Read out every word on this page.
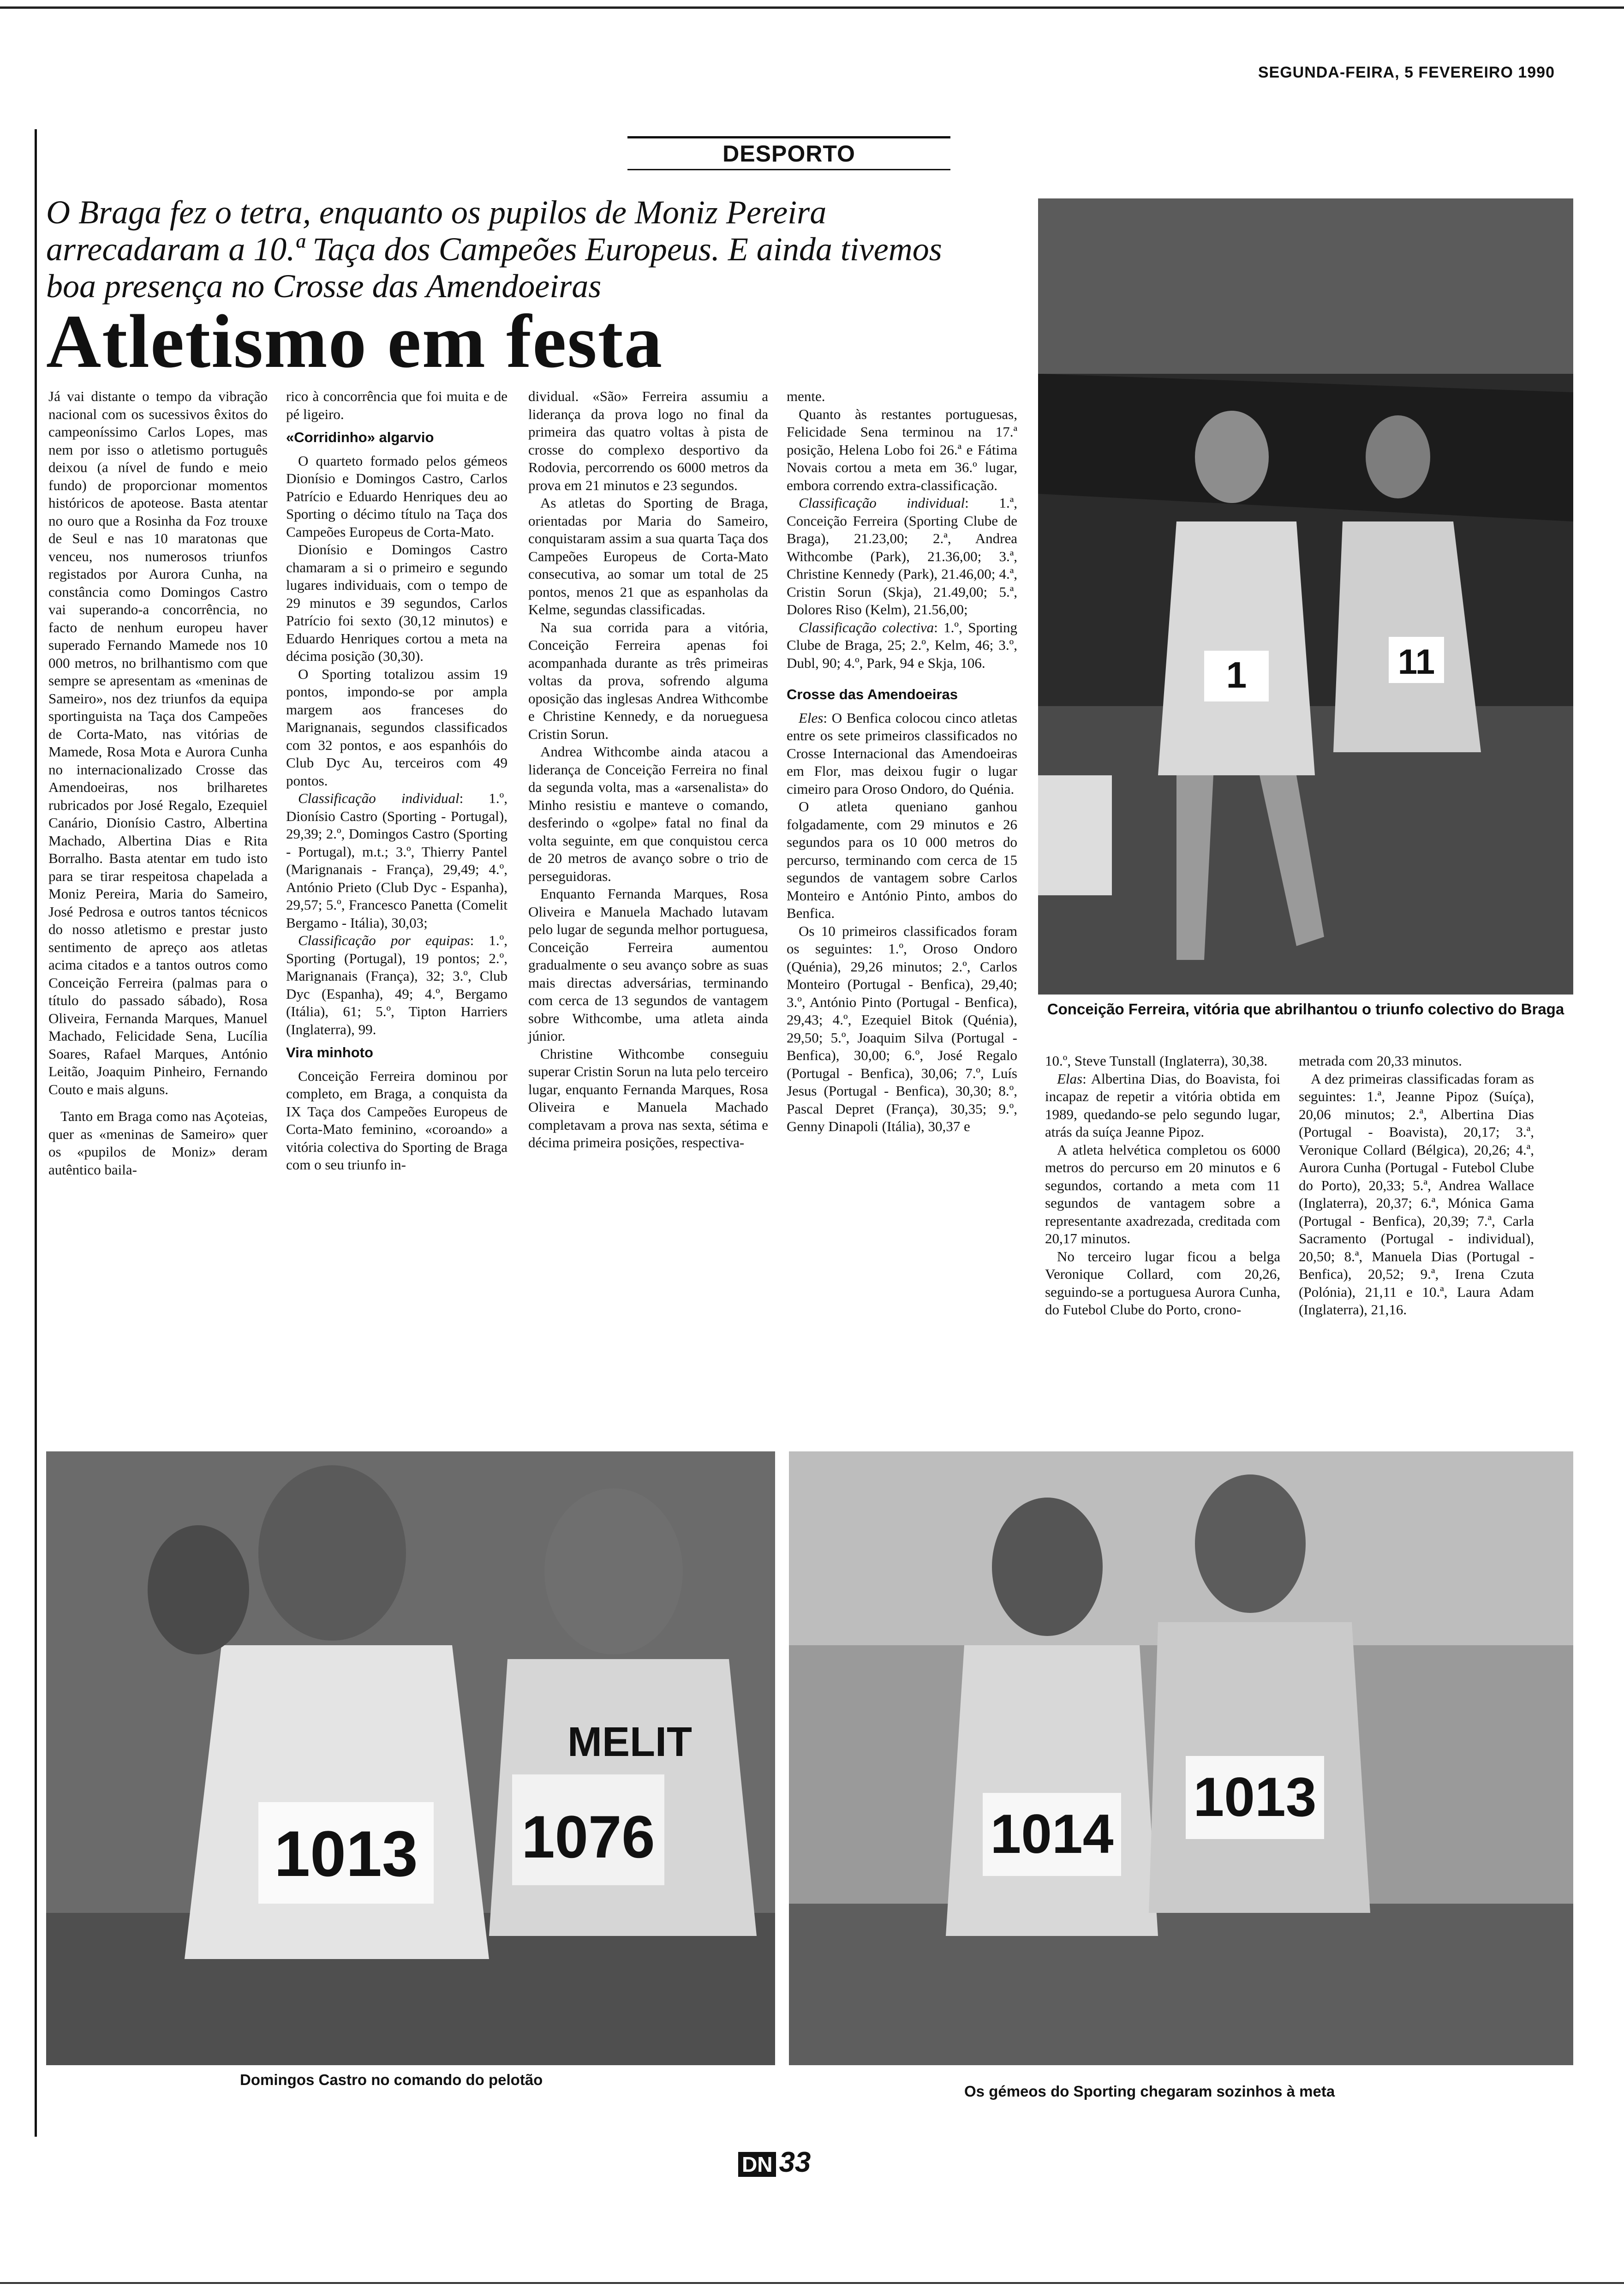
SEGUNDA-FEIRA, 5 FEVEREIRO 1990
DESPORTO
O Braga fez o tetra, enquanto os pupilos de Moniz Pereira arrecadaram a 10.ª Taça dos Campeões Europeus. E ainda tivemos boa presença no Crosse das Amendoeiras
Atletismo em festa

Já vai distante o tempo da vibração nacional com os sucessivos êxitos do campeoníssimo Carlos Lopes, mas nem por isso o atletismo português deixou (a nível de fundo e meio fundo) de proporcionar momentos históricos de apoteose. Basta atentar no ouro que a Rosinha da Foz trouxe de Seul e nas 10 maratonas que venceu, nos numerosos triunfos registados por Aurora Cunha, na constância como Domingos Castro vai superando-a concorrência, no facto de nenhum europeu haver superado Fernando Mamede nos 10 000 metros, no brilhantismo com que sempre se apresentam as «meninas de Sameiro», nos dez triunfos da equipa sportinguista na Taça dos Campeões de Corta-Mato, nas vitórias de Mamede, Rosa Mota e Aurora Cunha no internacionalizado Crosse das Amendoeiras, nos brilharetes rubricados por José Regalo, Ezequiel Canário, Dionísio Castro, Albertina Machado, Albertina Dias e Rita Borralho. Basta atentar em tudo isto para se tirar respeitosa chapelada a Moniz Pereira, Maria do Sameiro, José Pedrosa e outros tantos técnicos do nosso atletismo e prestar justo sentimento de apreço aos atletas acima citados e a tantos outros como Conceição Ferreira (palmas para o título do passado sábado), Rosa Oliveira, Fernanda Marques, Manuel Machado, Felicidade Sena, Lucília Soares, Rafael Marques, António Leitão, Joaquim Pinheiro, Fernando Couto e mais alguns.

Tanto em Braga como nas Açoteias, quer as «meninas de Sameiro» quer os «pupilos de Moniz» deram autêntico baila-

rico à concorrência que foi muita e de pé ligeiro.

«Corridinho» algarvio

O quarteto formado pelos gémeos Dionísio e Domingos Castro, Carlos Patrício e Eduardo Henriques deu ao Sporting o décimo título na Taça dos Campeões Europeus de Corta-Mato.

Dionísio e Domingos Castro chamaram a si o primeiro e segundo lugares individuais, com o tempo de 29 minutos e 39 segundos, Carlos Patrício foi sexto (30,12 minutos) e Eduardo Henriques cortou a meta na décima posição (30,30).

O Sporting totalizou assim 19 pontos, impondo-se por ampla margem aos franceses do Marignanais, segundos classificados com 32 pontos, e aos espanhóis do Club Dyc Au, terceiros com 49 pontos.

Classificação individual: 1.º, Dionísio Castro (Sporting - Portugal), 29,39; 2.º, Domingos Castro (Sporting - Portugal), m.t.; 3.º, Thierry Pantel (Marignanais - França), 29,49; 4.º, António Prieto (Club Dyc - Espanha), 29,57; 5.º, Francesco Panetta (Comelit Bergamo - Itália), 30,03;

Classificação por equipas: 1.º, Sporting (Portugal), 19 pontos; 2.º, Marignanais (França), 32; 3.º, Club Dyc (Espanha), 49; 4.º, Bergamo (Itália), 61; 5.º, Tipton Harriers (Inglaterra), 99.

Vira minhoto

Conceição Ferreira dominou por completo, em Braga, a conquista da IX Taça dos Campeões Europeus de Corta-Mato feminino, «coroando» a vitória colectiva do Sporting de Braga com o seu triunfo in-

dividual. «São» Ferreira assumiu a liderança da prova logo no final da primeira das quatro voltas à pista de crosse do complexo desportivo da Rodovia, percorrendo os 6000 metros da prova em 21 minutos e 23 segundos.

As atletas do Sporting de Braga, orientadas por Maria do Sameiro, conquistaram assim a sua quarta Taça dos Campeões Europeus de Corta-Mato consecutiva, ao somar um total de 25 pontos, menos 21 que as espanholas da Kelme, segundas classificadas.

Na sua corrida para a vitória, Conceição Ferreira apenas foi acompanhada durante as três primeiras voltas da prova, sofrendo alguma oposição das inglesas Andrea Withcombe e Christine Kennedy, e da norueguesa Cristin Sorun.

Andrea Withcombe ainda atacou a liderança de Conceição Ferreira no final da segunda volta, mas a «arsenalista» do Minho resistiu e manteve o comando, desferindo o «golpe» fatal no final da volta seguinte, em que conquistou cerca de 20 metros de avanço sobre o trio de perseguidoras.

Enquanto Fernanda Marques, Rosa Oliveira e Manuela Machado lutavam pelo lugar de segunda melhor portuguesa, Conceição Ferreira aumentou gradualmente o seu avanço sobre as suas mais directas adversárias, terminando com cerca de 13 segundos de vantagem sobre Withcombe, uma atleta ainda júnior.

Christine Withcombe conseguiu superar Cristin Sorun na luta pelo terceiro lugar, enquanto Fernanda Marques, Rosa Oliveira e Manuela Machado completavam a prova nas sexta, sétima e décima primeira posições, respectiva-

mente.

Quanto às restantes portuguesas, Felicidade Sena terminou na 17.ª posição, Helena Lobo foi 26.ª e Fátima Novais cortou a meta em 36.º lugar, embora correndo extra-classificação.

Classificação individual: 1.ª, Conceição Ferreira (Sporting Clube de Braga), 21.23,00; 2.ª, Andrea Withcombe (Park), 21.36,00; 3.ª, Christine Kennedy (Park), 21.46,00; 4.ª, Cristin Sorun (Skja), 21.49,00; 5.ª, Dolores Riso (Kelm), 21.56,00;

Classificação colectiva: 1.º, Sporting Clube de Braga, 25; 2.º, Kelm, 46; 3.º, Dubl, 90; 4.º, Park, 94 e Skja, 106.

Crosse das Amendoeiras

Eles: O Benfica colocou cinco atletas entre os sete primeiros classificados no Crosse Internacional das Amendoeiras em Flor, mas deixou fugir o lugar cimeiro para Oroso Ondoro, do Quénia.

O atleta queniano ganhou folgadamente, com 29 minutos e 26 segundos para os 10 000 metros do percurso, terminando com cerca de 15 segundos de vantagem sobre Carlos Monteiro e António Pinto, ambos do Benfica.

Os 10 primeiros classificados foram os seguintes: 1.º, Oroso Ondoro (Quénia), 29,26 minutos; 2.º, Carlos Monteiro (Portugal - Benfica), 29,40; 3.º, António Pinto (Portugal - Benfica), 29,43; 4.º, Ezequiel Bitok (Quénia), 29,50; 5.º, Joaquim Silva (Portugal - Benfica), 30,00; 6.º, José Regalo (Portugal - Benfica), 30,06; 7.º, Luís Jesus (Portugal - Benfica), 30,30; 8.º, Pascal Depret (França), 30,35; 9.º, Genny Dinapoli (Itália), 30,37 e

1	11
Conceição Ferreira, vitória que abrilhantou o triunfo colectivo do Braga

10.º, Steve Tunstall (Inglaterra), 30,38.

Elas: Albertina Dias, do Boavista, foi incapaz de repetir a vitória obtida em 1989, quedando-se pelo segundo lugar, atrás da suíça Jeanne Pipoz.

A atleta helvética completou os 6000 metros do percurso em 20 minutos e 6 segundos, cortando a meta com 11 segundos de vantagem sobre a representante axadrezada, creditada com 20,17 minutos.

No terceiro lugar ficou a belga Veronique Collard, com 20,26, seguindo-se a portuguesa Aurora Cunha, do Futebol Clube do Porto, crono-

metrada com 20,33 minutos.

A dez primeiras classificadas foram as seguintes: 1.ª, Jeanne Pipoz (Suíça), 20,06 minutos; 2.ª, Albertina Dias (Portugal - Boavista), 20,17; 3.ª, Veronique Collard (Bélgica), 20,26; 4.ª, Aurora Cunha (Portugal - Futebol Clube do Porto), 20,33; 5.ª, Andrea Wallace (Inglaterra), 20,37; 6.ª, Mónica Gama (Portugal - Benfica), 20,39; 7.ª, Carla Sacramento (Portugal - individual), 20,50; 8.ª, Manuela Dias (Portugal - Benfica), 20,52; 9.ª, Irena Czuta (Polónia), 21,11 e 10.ª, Laura Adam (Inglaterra), 21,16.

MELIT
1013 1076
Domingos Castro no comando do pelotão
1014
1013
Os gémeos do Sporting chegaram sozinhos à meta
DN 33
